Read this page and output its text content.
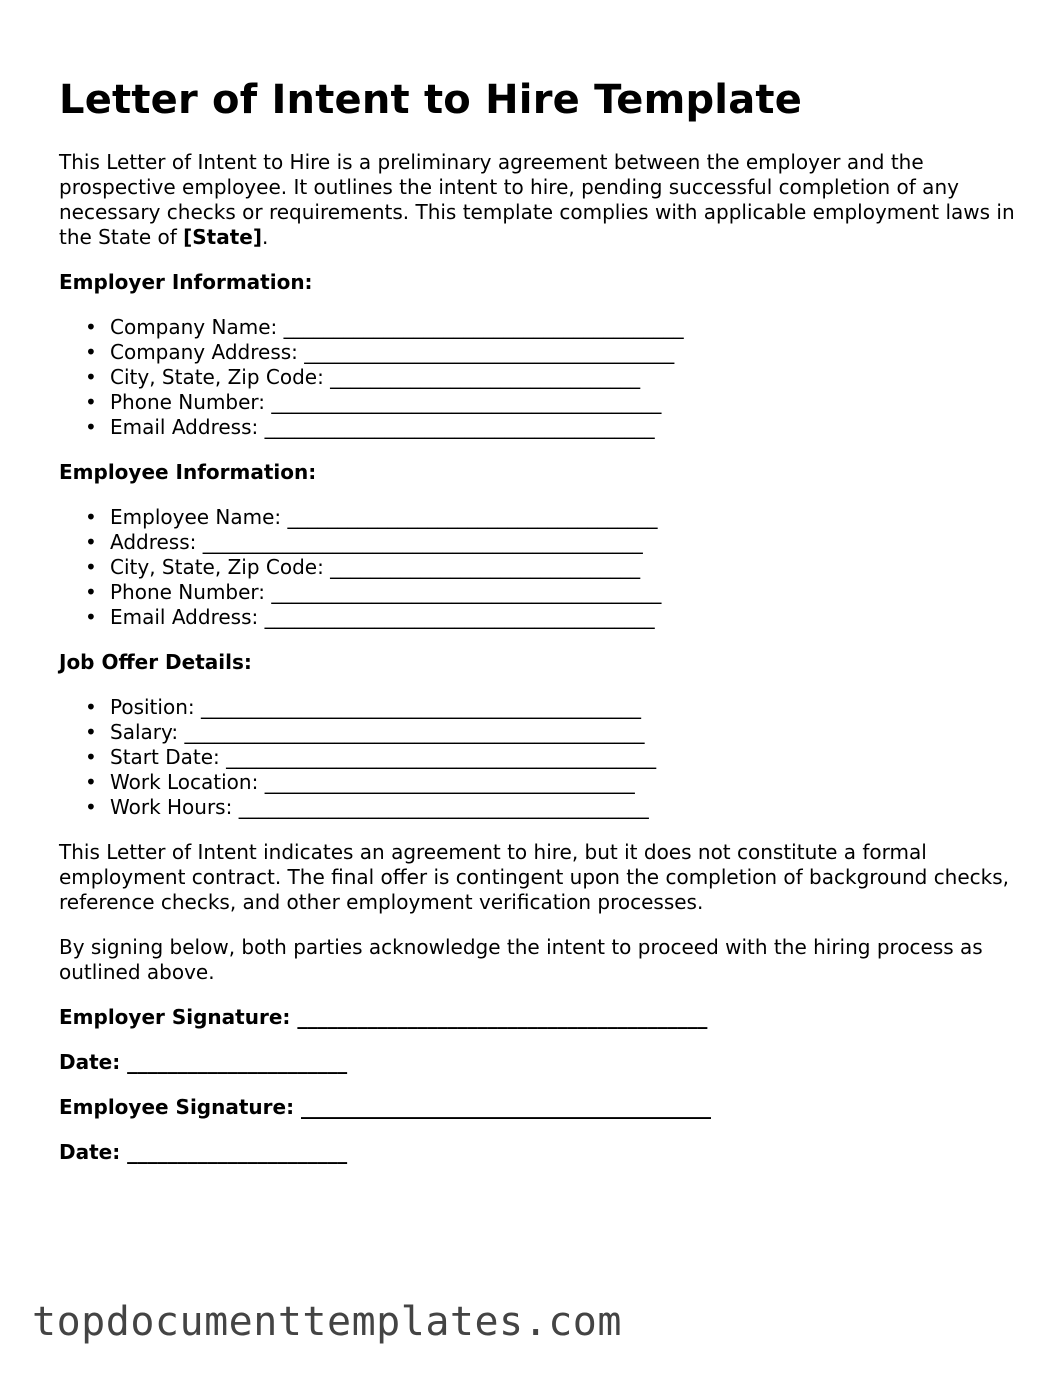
Letter of Intent to Hire Template

This Letter of Intent to Hire is a preliminary agreement between the employer and the prospective employee. It outlines the intent to hire, pending successful completion of any necessary checks or requirements. This template complies with applicable employment laws in the State of [State].

Employer Information:
• Company Name: ________________________________________
• Company Address: _____________________________________
• City, State, Zip Code: _______________________________
• Phone Number: _______________________________________
• Email Address: _______________________________________
Employee Information:
• Employee Name: _____________________________________
• Address: ____________________________________________
• City, State, Zip Code: _______________________________
• Phone Number: _______________________________________
• Email Address: _______________________________________
Job Offer Details:
• Position: ____________________________________________
• Salary: ______________________________________________
• Start Date: ___________________________________________
• Work Location: _____________________________________
• Work Hours: _________________________________________

This Letter of Intent indicates an agreement to hire, but it does not constitute a formal employment contract. The final offer is contingent upon the completion of background checks, reference checks, and other employment verification processes.

By signing below, both parties acknowledge the intent to proceed with the hiring process as outlined above.

Employer Signature: _________________________________________
Date: ______________________
Employee Signature: _________________________________________
Date: ______________________
topdocumenttemplates.com
